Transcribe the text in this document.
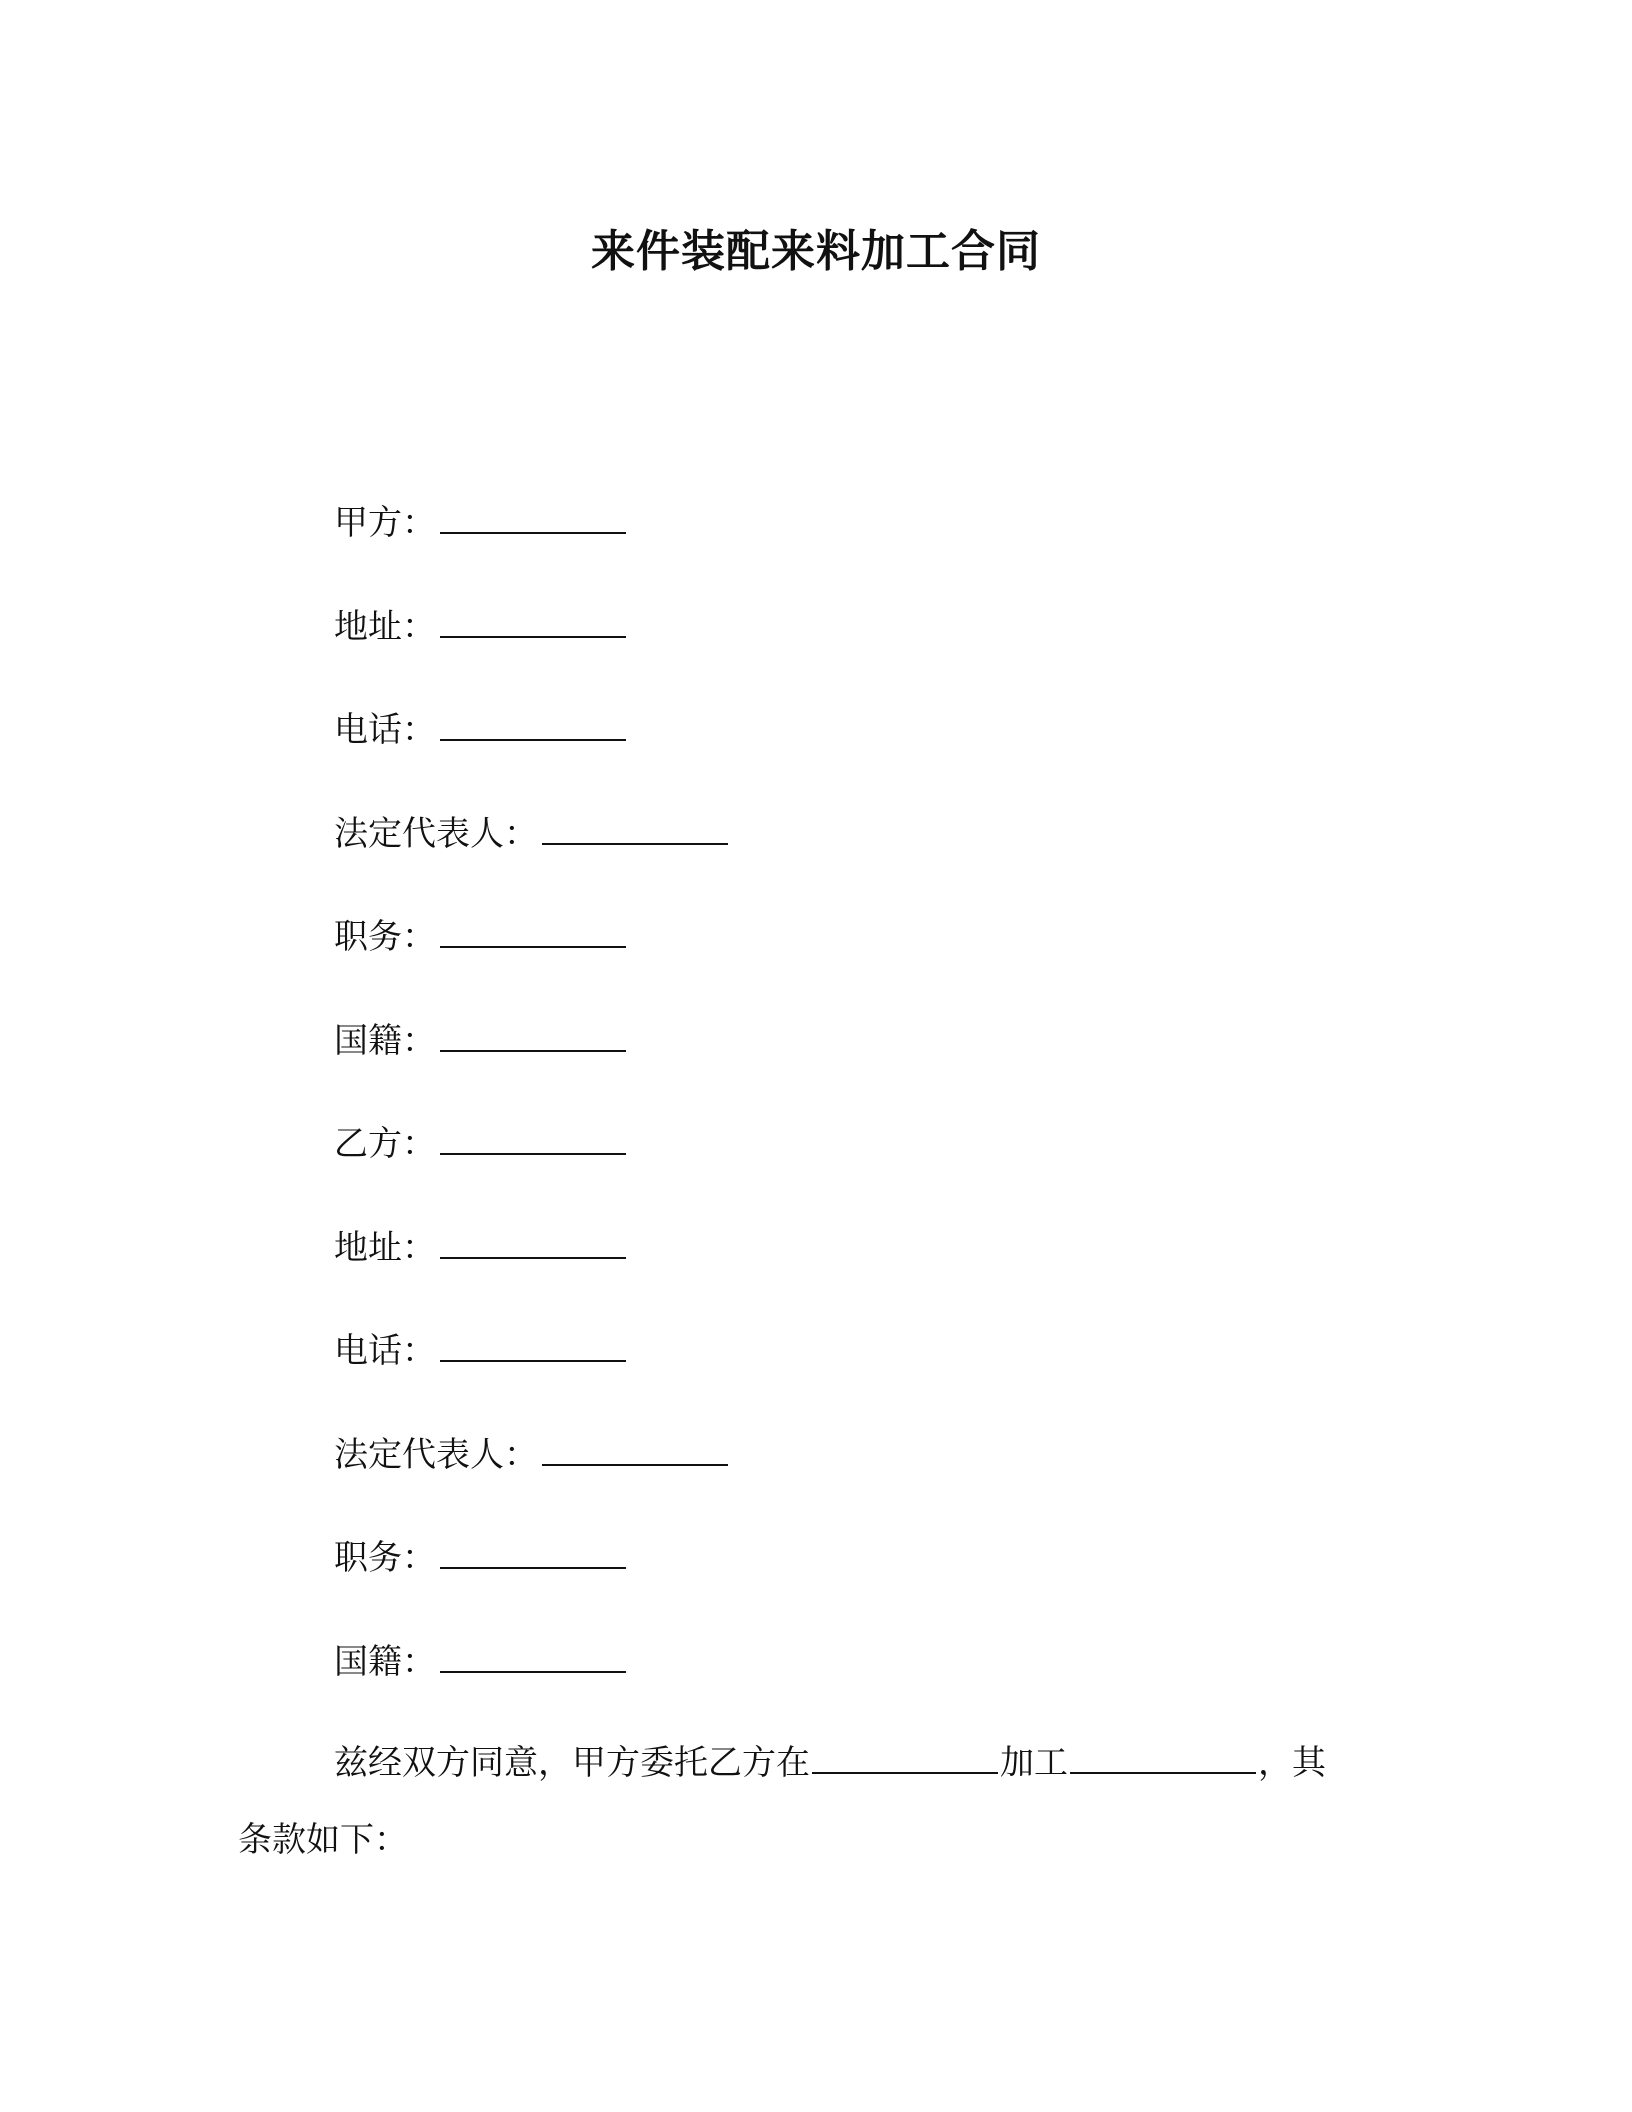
来件装配来料加工合同
甲方：
地址：
电话：
法定代表人：
职务：
国籍：
乙方：
地址：
电话：
法定代表人：
职务：
国籍：
兹经双方同意，甲方委托乙方在	加工	，其
条款如下：
